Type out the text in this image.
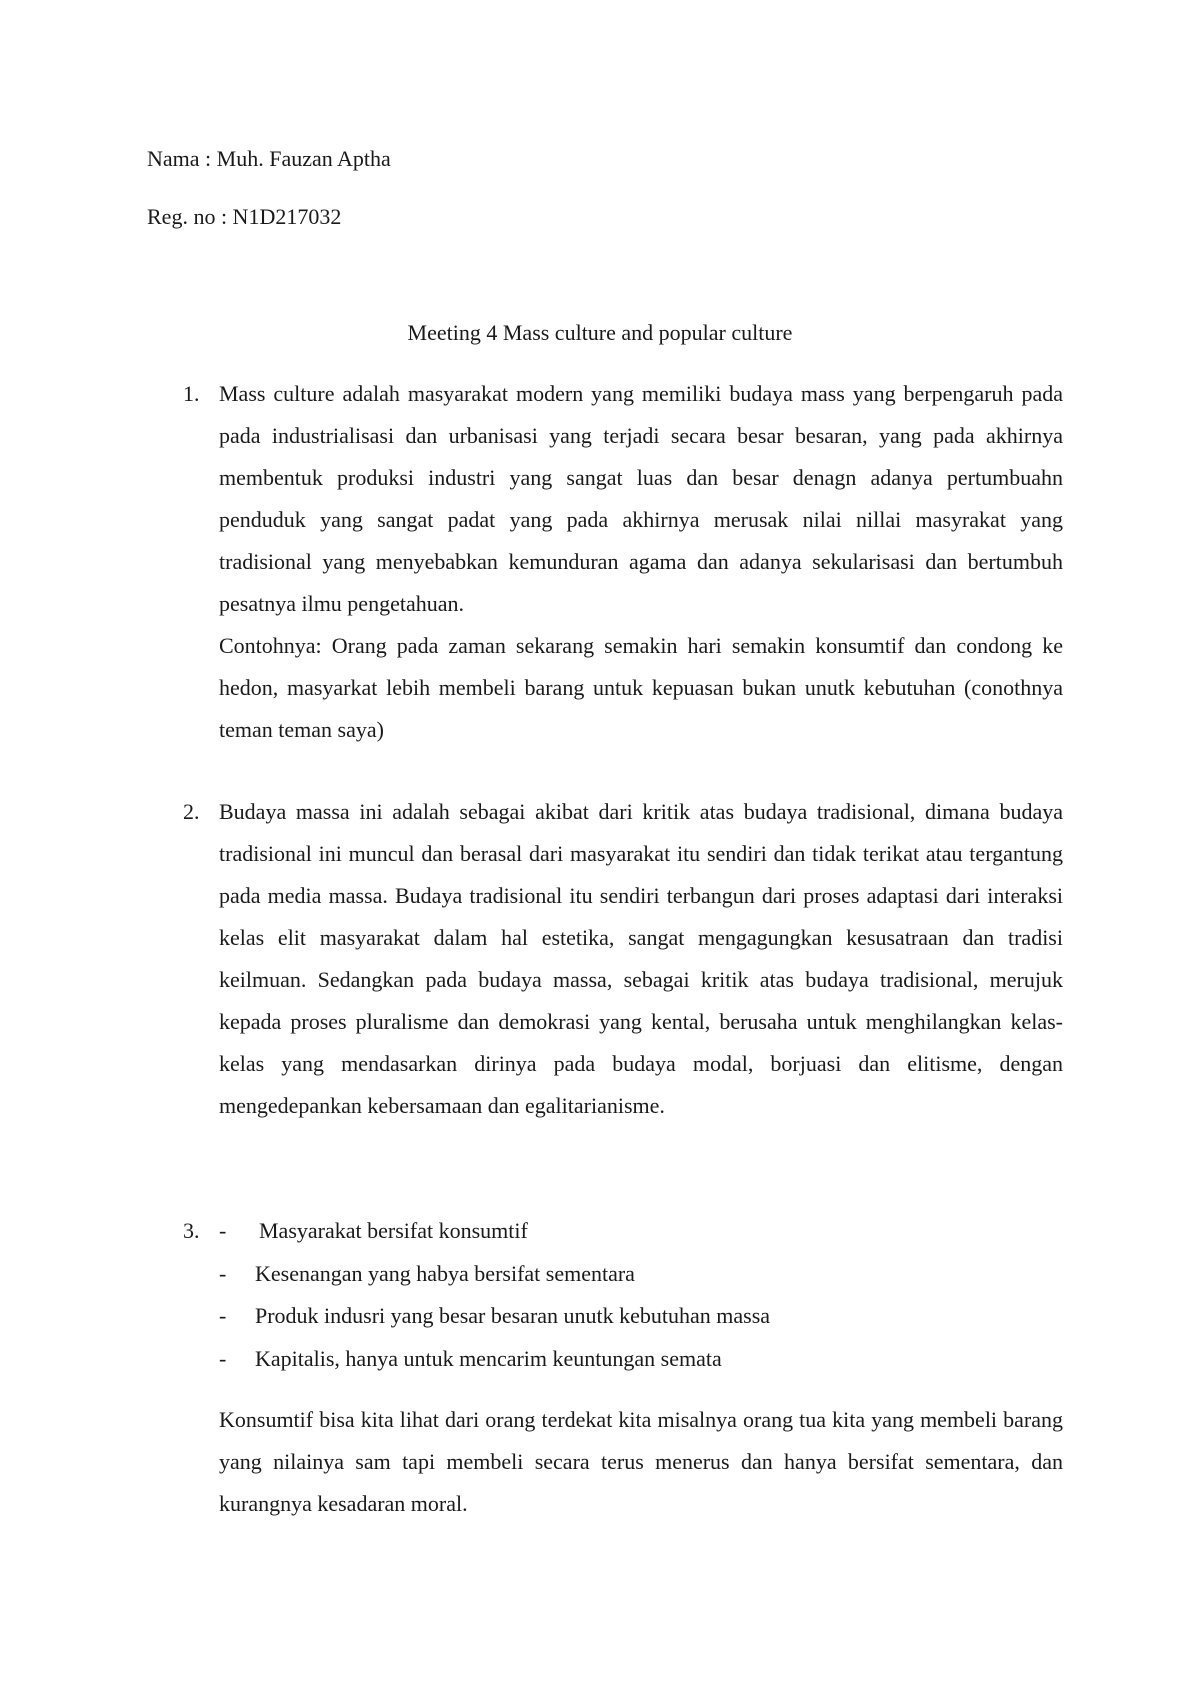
Nama : Muh. Fauzan Aptha
Reg. no : N1D217032
Meeting 4 Mass culture and popular culture
1. Mass culture adalah masyarakat modern yang memiliki budaya mass yang berpengaruh pada pada industrialisasi dan urbanisasi yang terjadi secara besar besaran, yang pada akhirnya membentuk produksi industri yang sangat luas dan besar denagn adanya pertumbuahn penduduk yang sangat padat yang pada akhirnya merusak nilai nillai masyrakat yang tradisional yang menyebabkan kemunduran agama dan adanya sekularisasi dan bertumbuh pesatnya ilmu pengetahuan.

Contohnya: Orang pada zaman sekarang semakin hari semakin konsumtif dan condong ke hedon, masyarkat lebih membeli barang untuk kepuasan bukan unutk kebutuhan (conothnya teman teman saya)

2. Budaya massa ini adalah sebagai akibat dari kritik atas budaya tradisional, dimana budaya tradisional ini muncul dan berasal dari masyarakat itu sendiri dan tidak terikat atau tergantung pada media massa. Budaya tradisional itu sendiri terbangun dari proses adaptasi dari interaksi kelas elit masyarakat dalam hal estetika, sangat mengagungkan kesusatraan dan tradisi keilmuan. Sedangkan pada budaya massa, sebagai kritik atas budaya tradisional, merujuk kepada proses pluralisme dan demokrasi yang kental, berusaha untuk menghilangkan kelas-kelas yang mendasarkan dirinya pada budaya modal, borjuasi dan elitisme, dengan mengedepankan kebersamaan dan egalitarianisme.

3. - Masyarakat bersifat konsumtif
- Kesenangan yang habya bersifat sementara
- Produk indusri yang besar besaran unutk kebutuhan massa
- Kapitalis, hanya untuk mencarim keuntungan semata

Konsumtif bisa kita lihat dari orang terdekat kita misalnya orang tua kita yang membeli barang yang nilainya sam tapi membeli secara terus menerus dan hanya bersifat sementara, dan kurangnya kesadaran moral.
